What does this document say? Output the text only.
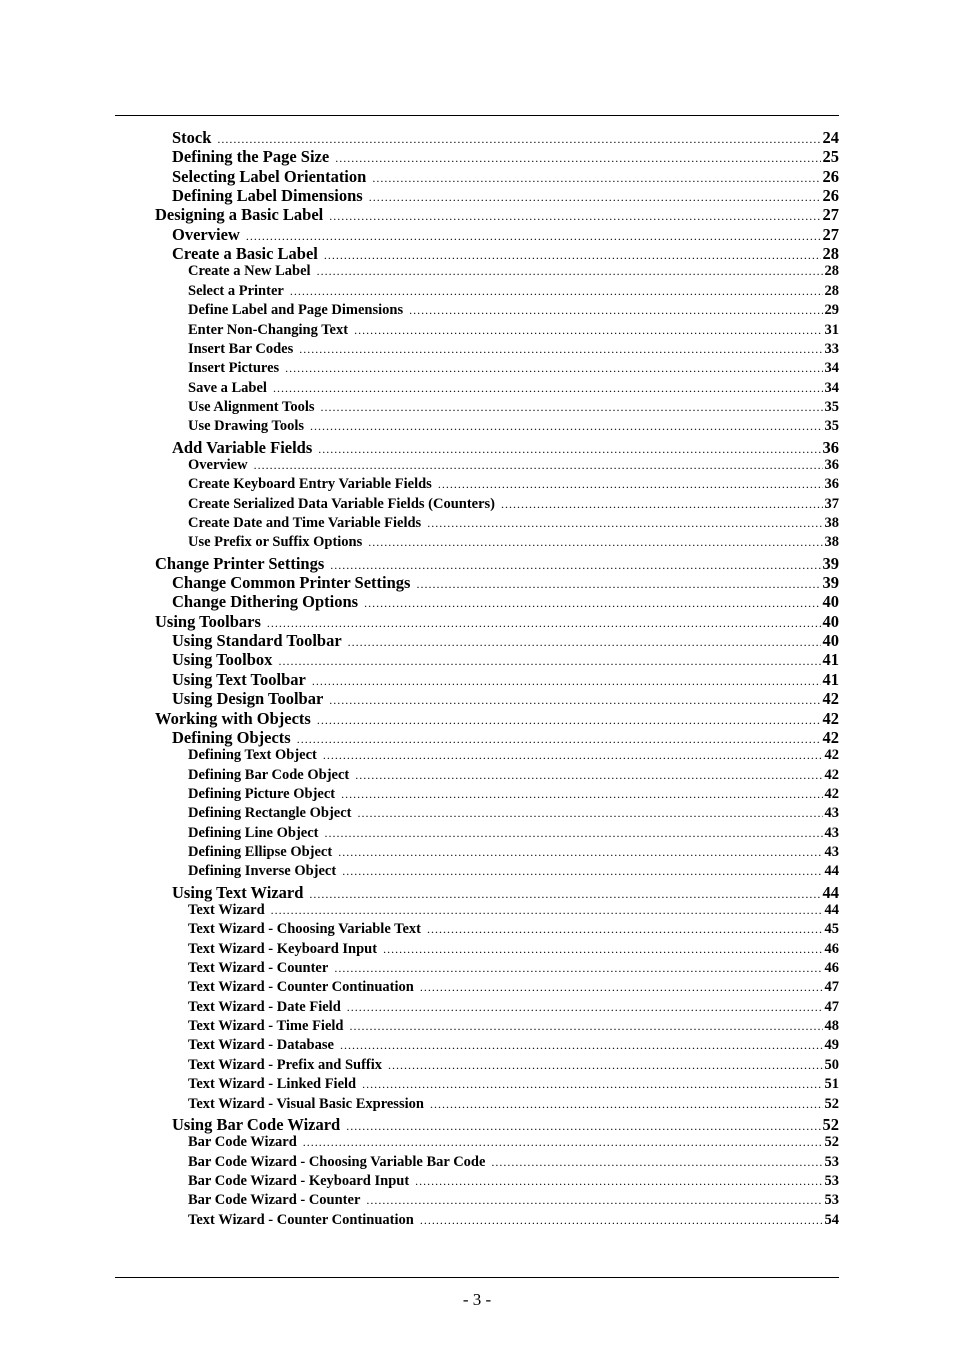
Stock .....	24
Defining the Page Size .....	25
Selecting Label Orientation .....	26
Defining Label Dimensions .....	26
Designing a Basic Label .....	27
Overview .....	27
Create a Basic Label .....	28
Create a New Label .....	28
Select a Printer .....	28
Define Label and Page Dimensions .....	29
Enter Non-Changing Text .....	31
Insert Bar Codes .....	33
Insert Pictures .....	34
Save a Label .....	34
Use Alignment Tools .....	35
Use Drawing Tools .....	35
Add Variable Fields .....	36
Overview .....	36
Create Keyboard Entry Variable Fields .....	36
Create Serialized Data Variable Fields (Counters) .....	37
Create Date and Time Variable Fields .....	38
Use Prefix or Suffix Options .....	38
Change Printer Settings .....	39
Change Common Printer Settings .....	39
Change Dithering Options .....	40
Using Toolbars .....	40
Using Standard Toolbar .....	40
Using Toolbox .....	41
Using Text Toolbar .....	41
Using Design Toolbar .....	42
Working with Objects .....	42
Defining Objects .....	42
Defining Text Object .....	42
Defining Bar Code Object .....	42
Defining Picture Object .....	42
Defining Rectangle Object .....	43
Defining Line Object .....	43
Defining Ellipse Object .....	43
Defining Inverse Object .....	44
Using Text Wizard .....	44
Text Wizard .....	44
Text Wizard - Choosing Variable Text .....	45
Text Wizard - Keyboard Input .....	46
Text Wizard - Counter .....	46
Text Wizard - Counter Continuation .....	47
Text Wizard - Date Field .....	47
Text Wizard - Time Field .....	48
Text Wizard - Database .....	49
Text Wizard - Prefix and Suffix .....	50
Text Wizard - Linked Field .....	51
Text Wizard - Visual Basic Expression .....	52
Using Bar Code Wizard .....	52
Bar Code Wizard .....	52
Bar Code Wizard - Choosing Variable Bar Code .....	53
Bar Code Wizard - Keyboard Input .....	53
Bar Code Wizard - Counter .....	53
Text Wizard - Counter Continuation .....	54
- 3 -
